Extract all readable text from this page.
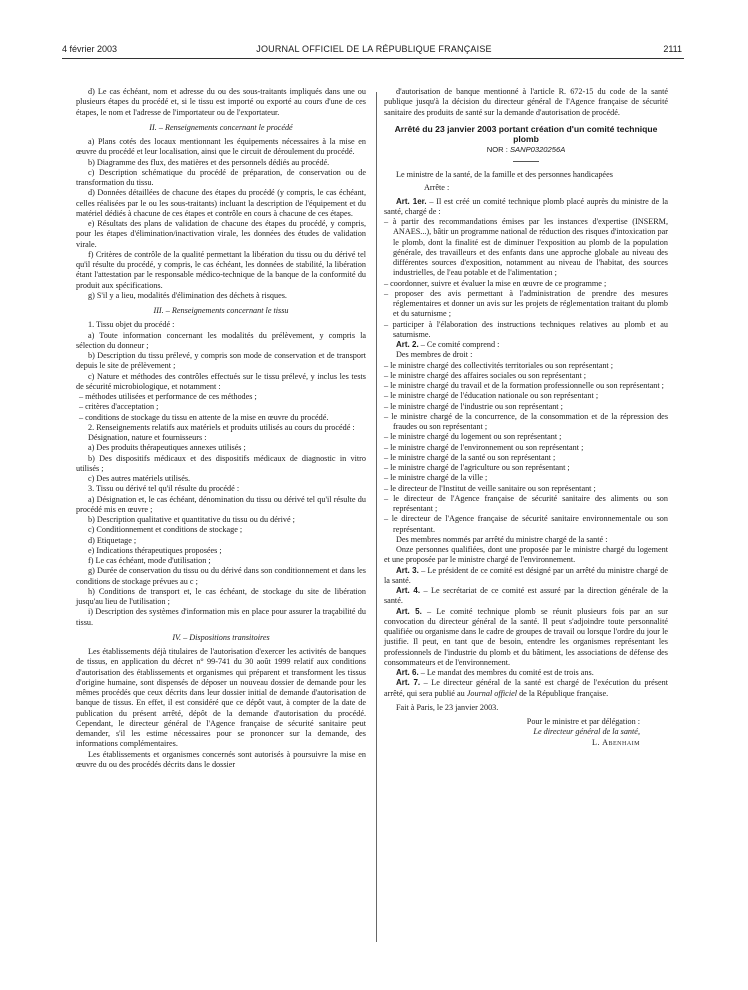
4 février 2003	JOURNAL OFFICIEL DE LA RÉPUBLIQUE FRANÇAISE	2111

d) Le cas échéant, nom et adresse du ou des sous-traitants impliqués dans une ou plusieurs étapes du procédé et, si le tissu est importé ou exporté au cours d'une de ces étapes, le nom et l'adresse de l'importateur ou de l'exportateur.

II. – Renseignements concernant le procédé

a) Plans cotés des locaux mentionnant les équipements nécessaires à la mise en œuvre du procédé et leur localisation, ainsi que le circuit de déroulement du procédé.

b) Diagramme des flux, des matières et des personnels dédiés au procédé.

c) Description schématique du procédé de préparation, de conservation ou de transformation du tissu.

d) Données détaillées de chacune des étapes du procédé (y compris, le cas échéant, celles réalisées par le ou les sous-traitants) incluant la description de l'équipement et du matériel dédiés à chacune de ces étapes et contrôle en cours à chacune de ces étapes.

e) Résultats des plans de validation de chacune des étapes du procédé, y compris, pour les étapes d'élimination/inactivation virale, les données des études de validation virale.

f) Critères de contrôle de la qualité permettant la libération du tissu ou du dérivé tel qu'il résulte du procédé, y compris, le cas échéant, les données de stabilité, la libération étant l'attestation par le responsable médico-technique de la banque de la conformité du produit aux spécifications.

g) S'il y a lieu, modalités d'élimination des déchets à risques.

III. – Renseignements concernant le tissu

1. Tissu objet du procédé :

a) Toute information concernant les modalités du prélèvement, y compris la sélection du donneur ;

b) Description du tissu prélevé, y compris son mode de conservation et de transport depuis le site de prélèvement ;

c) Nature et méthodes des contrôles effectués sur le tissu prélevé, y inclus les tests de sécurité microbiologique, et notamment :

– méthodes utilisées et performance de ces méthodes ;

– critères d'acceptation ;

– conditions de stockage du tissu en attente de la mise en œuvre du procédé.

2. Renseignements relatifs aux matériels et produits utilisés au cours du procédé :

Désignation, nature et fournisseurs :

a) Des produits thérapeutiques annexes utilisés ;

b) Des dispositifs médicaux et des dispositifs médicaux de diagnostic in vitro utilisés ;

c) Des autres matériels utilisés.

3. Tissu ou dérivé tel qu'il résulte du procédé :

a) Désignation et, le cas échéant, dénomination du tissu ou dérivé tel qu'il résulte du procédé mis en œuvre ;

b) Description qualitative et quantitative du tissu ou du dérivé ;

c) Conditionnement et conditions de stockage ;

d) Etiquetage ;

e) Indications thérapeutiques proposées ;

f) Le cas échéant, mode d'utilisation ;

g) Durée de conservation du tissu ou du dérivé dans son conditionnement et dans les conditions de stockage prévues au c ;

h) Conditions de transport et, le cas échéant, de stockage du site de libération jusqu'au lieu de l'utilisation ;

i) Description des systèmes d'information mis en place pour assurer la traçabilité du tissu.

IV. – Dispositions transitoires

Les établissements déjà titulaires de l'autorisation d'exercer les activités de banques de tissus, en application du décret n° 99-741 du 30 août 1999 relatif aux conditions d'autorisation des établissements et organismes qui préparent et transforment les tissus d'origine humaine, sont dispensés de déposer un nouveau dossier de demande pour les mêmes procédés que ceux décrits dans leur dossier initial de demande d'autorisation de banque de tissus. En effet, il est considéré que ce dépôt vaut, à compter de la date de publication du présent arrêté, dépôt de la demande d'autorisation du procédé. Cependant, le directeur général de l'Agence française de sécurité sanitaire peut demander, s'il les estime nécessaires pour se prononcer sur la demande, des informations complémentaires.

Les établissements et organismes concernés sont autorisés à poursuivre la mise en œuvre du ou des procédés décrits dans le dossier

d'autorisation de banque mentionné à l'article R. 672-15 du code de la santé publique jusqu'à la décision du directeur général de l'Agence française de sécurité sanitaire des produits de santé sur la demande d'autorisation de procédé.

Arrêté du 23 janvier 2003 portant création d'un comité technique plomb

NOR : SANP0320256A

Le ministre de la santé, de la famille et des personnes handicapées

Arrête :

Art. 1er. – Il est créé un comité technique plomb placé auprès du ministre de la santé, chargé de :

– à partir des recommandations émises par les instances d'expertise (INSERM, ANAES...), bâtir un programme national de réduction des risques d'intoxication par le plomb, dont la finalité est de diminuer l'exposition au plomb de la population générale, des travailleurs et des enfants dans une approche globale au niveau des différentes sources d'exposition, notamment au niveau de l'habitat, des sources industrielles, de l'eau potable et de l'alimentation ;

– coordonner, suivre et évaluer la mise en œuvre de ce programme ;

– proposer des avis permettant à l'administration de prendre des mesures réglementaires et donner un avis sur les projets de réglementation traitant du plomb et du saturnisme ;

– participer à l'élaboration des instructions techniques relatives au plomb et au saturnisme.

Art. 2. – Ce comité comprend :

Des membres de droit :

– le ministre chargé des collectivités territoriales ou son représentant ;

– le ministre chargé des affaires sociales ou son représentant ;

– le ministre chargé du travail et de la formation professionnelle ou son représentant ;

– le ministre chargé de l'éducation nationale ou son représentant ;

– le ministre chargé de l'industrie ou son représentant ;

– le ministre chargé de la concurrence, de la consommation et de la répression des fraudes ou son représentant ;

– le ministre chargé du logement ou son représentant ;

– le ministre chargé de l'environnement ou son représentant ;

– le ministre chargé de la santé ou son représentant ;

– le ministre chargé de l'agriculture ou son représentant ;

– le ministre chargé de la ville ;

– le directeur de l'Institut de veille sanitaire ou son représentant ;

– le directeur de l'Agence française de sécurité sanitaire des aliments ou son représentant ;

– le directeur de l'Agence française de sécurité sanitaire environnementale ou son représentant.

Des membres nommés par arrêté du ministre chargé de la santé :

Onze personnes qualifiées, dont une proposée par le ministre chargé du logement et une proposée par le ministre chargé de l'environnement.

Art. 3. – Le président de ce comité est désigné par un arrêté du ministre chargé de la santé.

Art. 4. – Le secrétariat de ce comité est assuré par la direction générale de la santé.

Art. 5. – Le comité technique plomb se réunit plusieurs fois par an sur convocation du directeur général de la santé. Il peut s'adjoindre toute personnalité qualifiée ou organisme dans le cadre de groupes de travail ou lorsque l'ordre du jour le justifie. Il peut, en tant que de besoin, entendre les organismes représentant les professionnels de l'industrie du plomb et du bâtiment, les associations de défense des consommateurs et de l'environnement.

Art. 6. – Le mandat des membres du comité est de trois ans.

Art. 7. – Le directeur général de la santé est chargé de l'exécution du présent arrêté, qui sera publié au Journal officiel de la République française.

Fait à Paris, le 23 janvier 2003.

Pour le ministre et par délégation :

Le directeur général de la santé,

L. Abenhaim
